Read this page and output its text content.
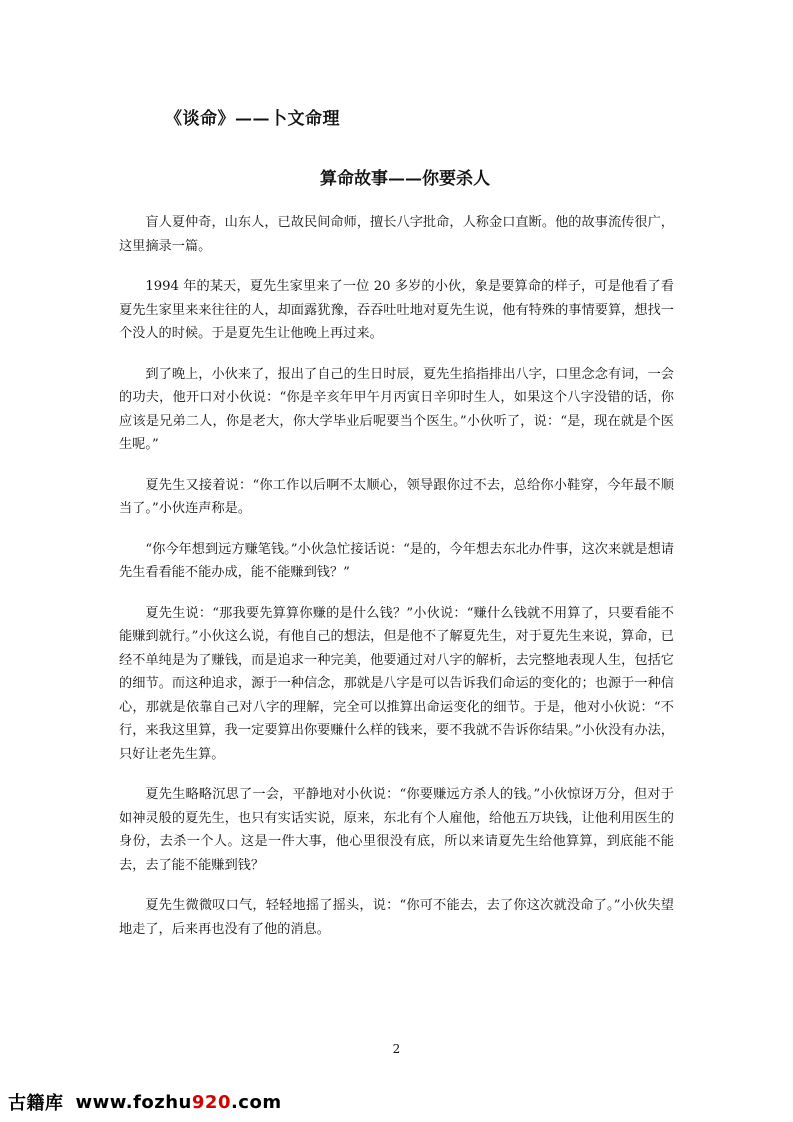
《谈命》——卜文命理
算命故事——你要杀人

盲人夏仲奇，山东人，已故民间命师，擅长八字批命，人称金口直断。他的故事流传很广，这里摘录一篇。

1994 年的某天，夏先生家里来了一位 20 多岁的小伙，象是要算命的样子，可是他看了看夏先生家里来来往往的人，却面露犹豫，吞吞吐吐地对夏先生说，他有特殊的事情要算，想找一个没人的时候。于是夏先生让他晚上再过来。

到了晚上，小伙来了，报出了自己的生日时辰，夏先生掐指排出八字，口里念念有词，一会的功夫，他开口对小伙说：“你是辛亥年甲午月丙寅日辛卯时生人，如果这个八字没错的话，你应该是兄弟二人，你是老大，你大学毕业后呢要当个医生。”小伙听了，说：“是，现在就是个医生呢。”

夏先生又接着说：“你工作以后啊不太顺心，领导跟你过不去，总给你小鞋穿，今年最不顺当了。”小伙连声称是。

“你今年想到远方赚笔钱。”小伙急忙接话说：“是的，今年想去东北办件事，这次来就是想请先生看看能不能办成，能不能赚到钱？”

夏先生说：“那我要先算算你赚的是什么钱？”小伙说：“赚什么钱就不用算了，只要看能不能赚到就行。”小伙这么说，有他自己的想法，但是他不了解夏先生，对于夏先生来说，算命，已经不单纯是为了赚钱，而是追求一种完美，他要通过对八字的解析，去完整地表现人生，包括它的细节。而这种追求，源于一种信念，那就是八字是可以告诉我们命运的变化的；也源于一种信心，那就是依靠自己对八字的理解，完全可以推算出命运变化的细节。于是，他对小伙说：“不行，来我这里算，我一定要算出你要赚什么样的钱来，要不我就不告诉你结果。”小伙没有办法，只好让老先生算。

夏先生略略沉思了一会，平静地对小伙说：“你要赚远方杀人的钱。”小伙惊讶万分，但对于如神灵般的夏先生，也只有实话实说，原来，东北有个人雇他，给他五万块钱，让他利用医生的身份，去杀一个人。这是一件大事，他心里很没有底，所以来请夏先生给他算算，到底能不能去，去了能不能赚到钱？

夏先生微微叹口气，轻轻地摇了摇头，说：“你可不能去，去了你这次就没命了。”小伙失望地走了，后来再也没有了他的消息。

2
古籍库 www.fozhu920.com
